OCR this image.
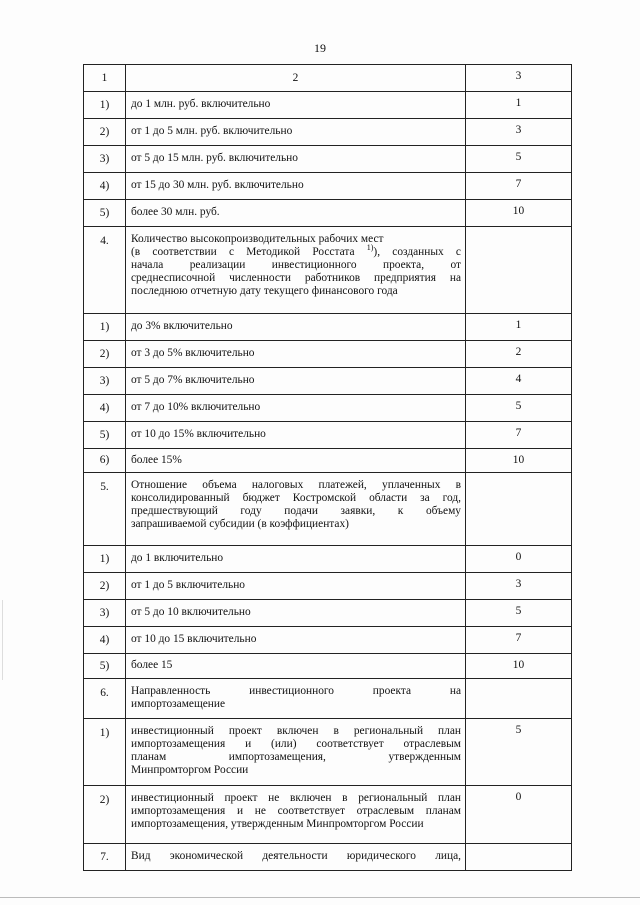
19
1	2	3
1)	до 1 млн. руб. включительно	1
2)	от 1 до 5 млн. руб. включительно	3
3)	от 5 до 15 млн. руб. включительно	5
4)	от 15 до 30 млн. руб. включительно	7
5)	более 30 млн. руб.	10
4.	Количество высокопроизводительных рабочих мест
(в соответствии с Методикой Росстата $^{1)}$), созданных с
начала реализации инвестиционного проекта, от
среднесписочной численности работников предприятия на
последнюю отчетную дату текущего финансового года	

1)	до 3% включительно	1
2)	от 3 до 5% включительно	2
3)	от 5 до 7% включительно	4
4)	от 7 до 10% включительно	5
5)	от 10 до 15% включительно	7
6)	более 15%	10
5.	Отношение объема налоговых платежей, уплаченных в
консолидированный бюджет Костромской области за год,
предшествующий году подачи заявки, к объему
запрашиваемой субсидии (в коэффициентах)	

1)	до 1 включительно	0
2)	от 1 до 5 включительно	3
3)	от 5 до 10 включительно	5
4)	от 10 до 15 включительно	7
5)	более 15	10
6.	Направленность инвестиционного проекта на
импортозамещение	

1)	инвестиционный проект включен в региональный план
импортозамещения и (или) соответствует отраслевым
планам импортозамещения, утвержденным
Минпромторгом России	5
2)	инвестиционный проект не включен в региональный план
импортозамещения и не соответствует отраслевым планам
импортозамещения, утвержденным Минпромторгом России	0
7.	Вид экономической деятельности юридического лица,	
